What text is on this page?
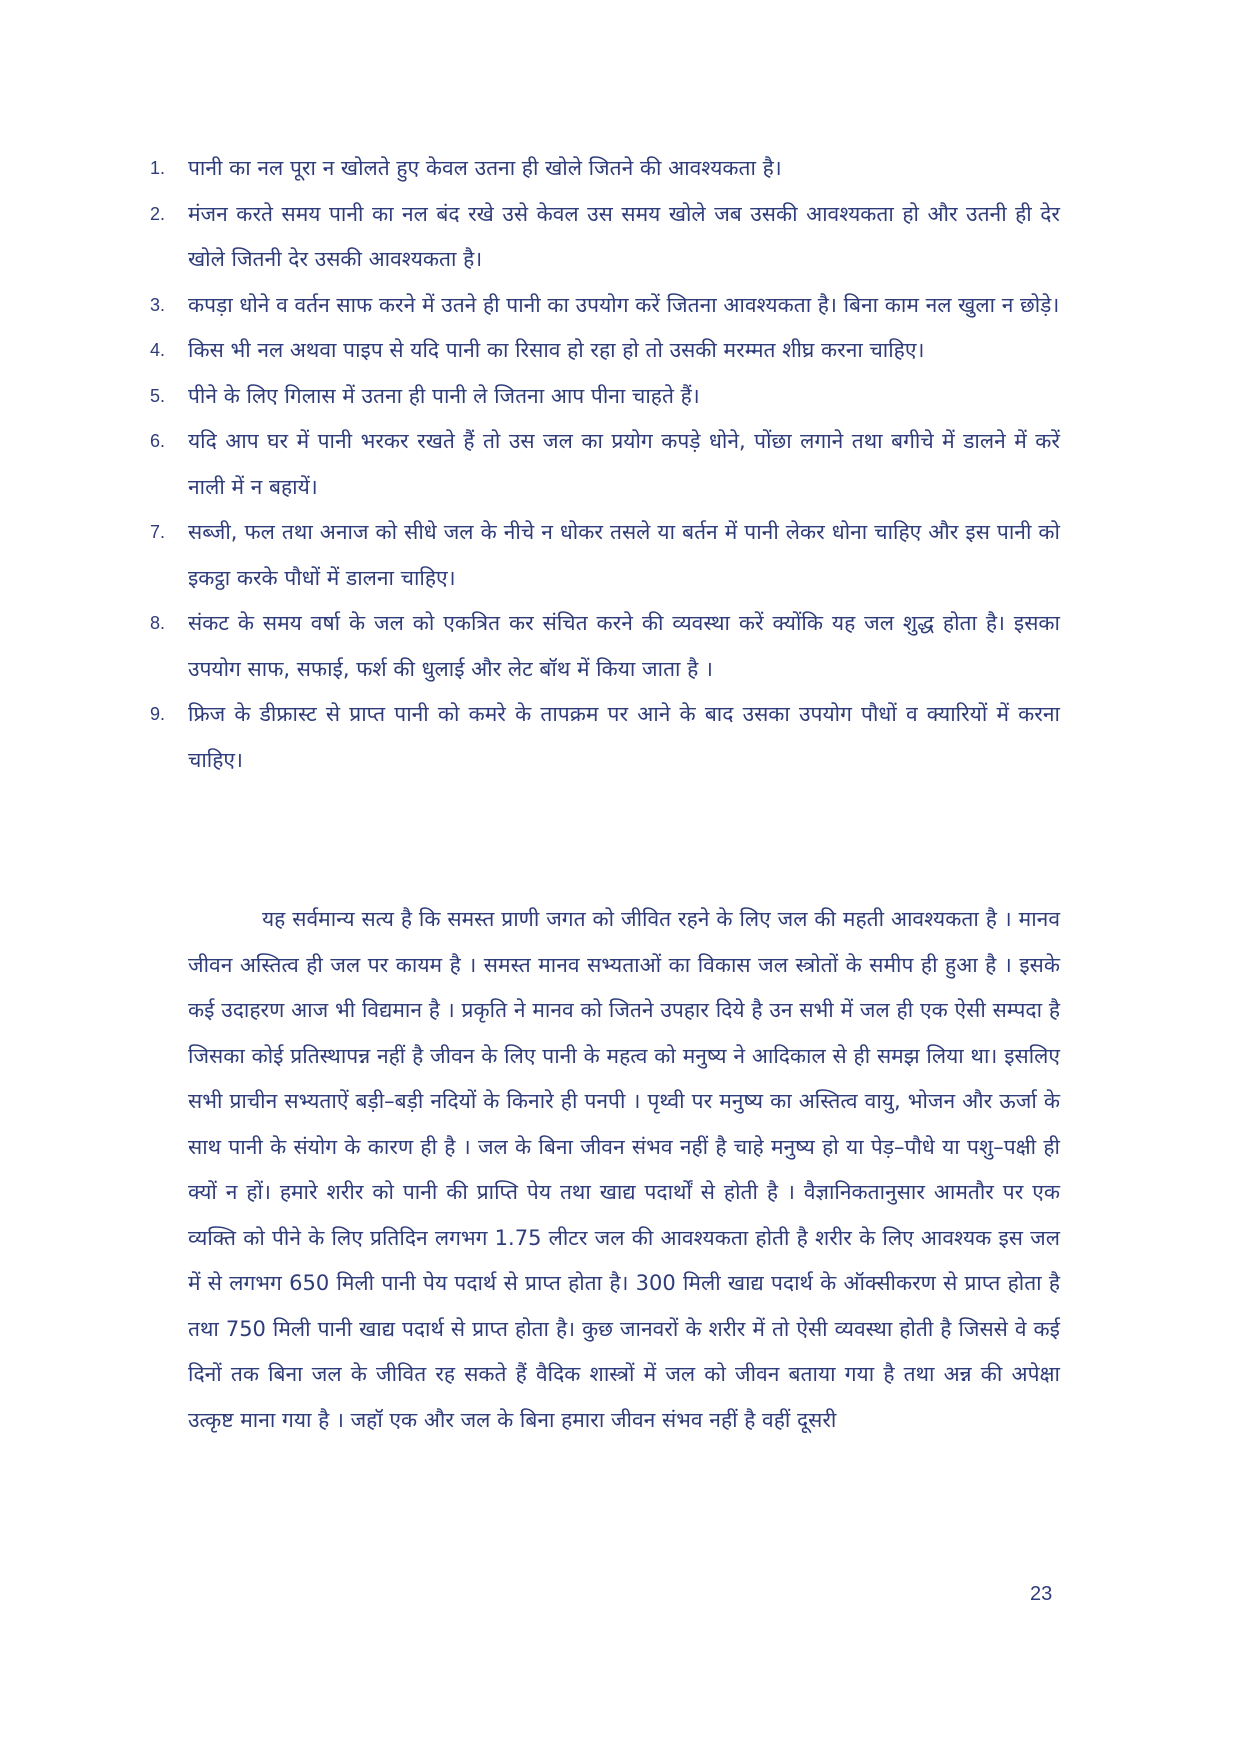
1.	पानी का नल पूरा न खोलते हुए केवल उतना ही खोले जितने की आवश्यकता है।
2.	मंजन करते समय पानी का नल बंद रखे उसे केवल उस समय खोले जब उसकी आवश्यकता हो और उतनी ही देर खोले जितनी देर उसकी आवश्यकता है।
3.	कपड़ा धोने व वर्तन साफ करने में उतने ही पानी का उपयोग करें जितना आवश्यकता है। बिना काम नल खुला न छोड़े।
4.	किस भी नल अथवा पाइप से यदि पानी का रिसाव हो रहा हो तो उसकी मरम्मत शीघ्र करना चाहिए।
5.	पीने के लिए गिलास में उतना ही पानी ले जितना आप पीना चाहते हैं।
6.	यदि आप घर में पानी भरकर रखते हैं तो उस जल का प्रयोग कपड़े धोने, पोंछा लगाने तथा बगीचे में डालने में करें नाली में न बहायें।
7.	सब्जी, फल तथा अनाज को सीधे जल के नीचे न धोकर तसले या बर्तन में पानी लेकर धोना चाहिए और इस पानी को इकट्ठा करके पौधों में डालना चाहिए।
8.	संकट के समय वर्षा के जल को एकत्रित कर संचित करने की व्यवस्था करें क्योंकि यह जल शुद्ध होता है। इसका उपयोग साफ, सफाई, फर्श की धुलाई और लेट बॉथ में किया जाता है ।
9.	फ्रिज के डीफ्रास्ट से प्राप्त पानी को कमरे के तापक्रम पर आने के बाद उसका उपयोग पौधों व क्यारियों में करना चाहिए।

यह सर्वमान्य सत्य है कि समस्त प्राणी जगत को जीवित रहने के लिए जल की महती आवश्यकता है । मानव जीवन अस्तित्व ही जल पर कायम है । समस्त मानव सभ्यताओं का विकास जल स्त्रोतों के समीप ही हुआ है । इसके कई उदाहरण आज भी विद्यमान है । प्रकृति ने मानव को जितने उपहार दिये है उन सभी में जल ही एक ऐसी सम्पदा है जिसका कोई प्रतिस्थापन्न नहीं है जीवन के लिए पानी के महत्व को मनुष्य ने आदिकाल से ही समझ लिया था। इसलिए सभी प्राचीन सभ्यताऐं बड़ी–बड़ी नदियों के किनारे ही पनपी । पृथ्वी पर मनुष्य का अस्तित्व वायु, भोजन और ऊर्जा के साथ पानी के संयोग के कारण ही है । जल के बिना जीवन संभव नहीं है चाहे मनुष्य हो या पेड़–पौधे या पशु–पक्षी ही क्यों न हों। हमारे शरीर को पानी की प्राप्ति पेय तथा खाद्य पदार्थों से होती है । वैज्ञानिकतानुसार आमतौर पर एक व्यक्ति को पीने के लिए प्रतिदिन लगभग 1.75 लीटर जल की आवश्यकता होती है शरीर के लिए आवश्यक इस जल में से लगभग 650 मिली पानी पेय पदार्थ से प्राप्त होता है। 300 मिली खाद्य पदार्थ के ऑक्सीकरण से प्राप्त होता है तथा 750 मिली पानी खाद्य पदार्थ से प्राप्त होता है। कुछ जानवरों के शरीर में तो ऐसी व्यवस्था होती है जिससे वे कई दिनों तक बिना जल के जीवित रह सकते हैं वैदिक शास्त्रों में जल को जीवन बताया गया है तथा अन्न की अपेक्षा उत्कृष्ट माना गया है । जहॉ एक और जल के बिना हमारा जीवन संभव नहीं है वहीं दूसरी

23
